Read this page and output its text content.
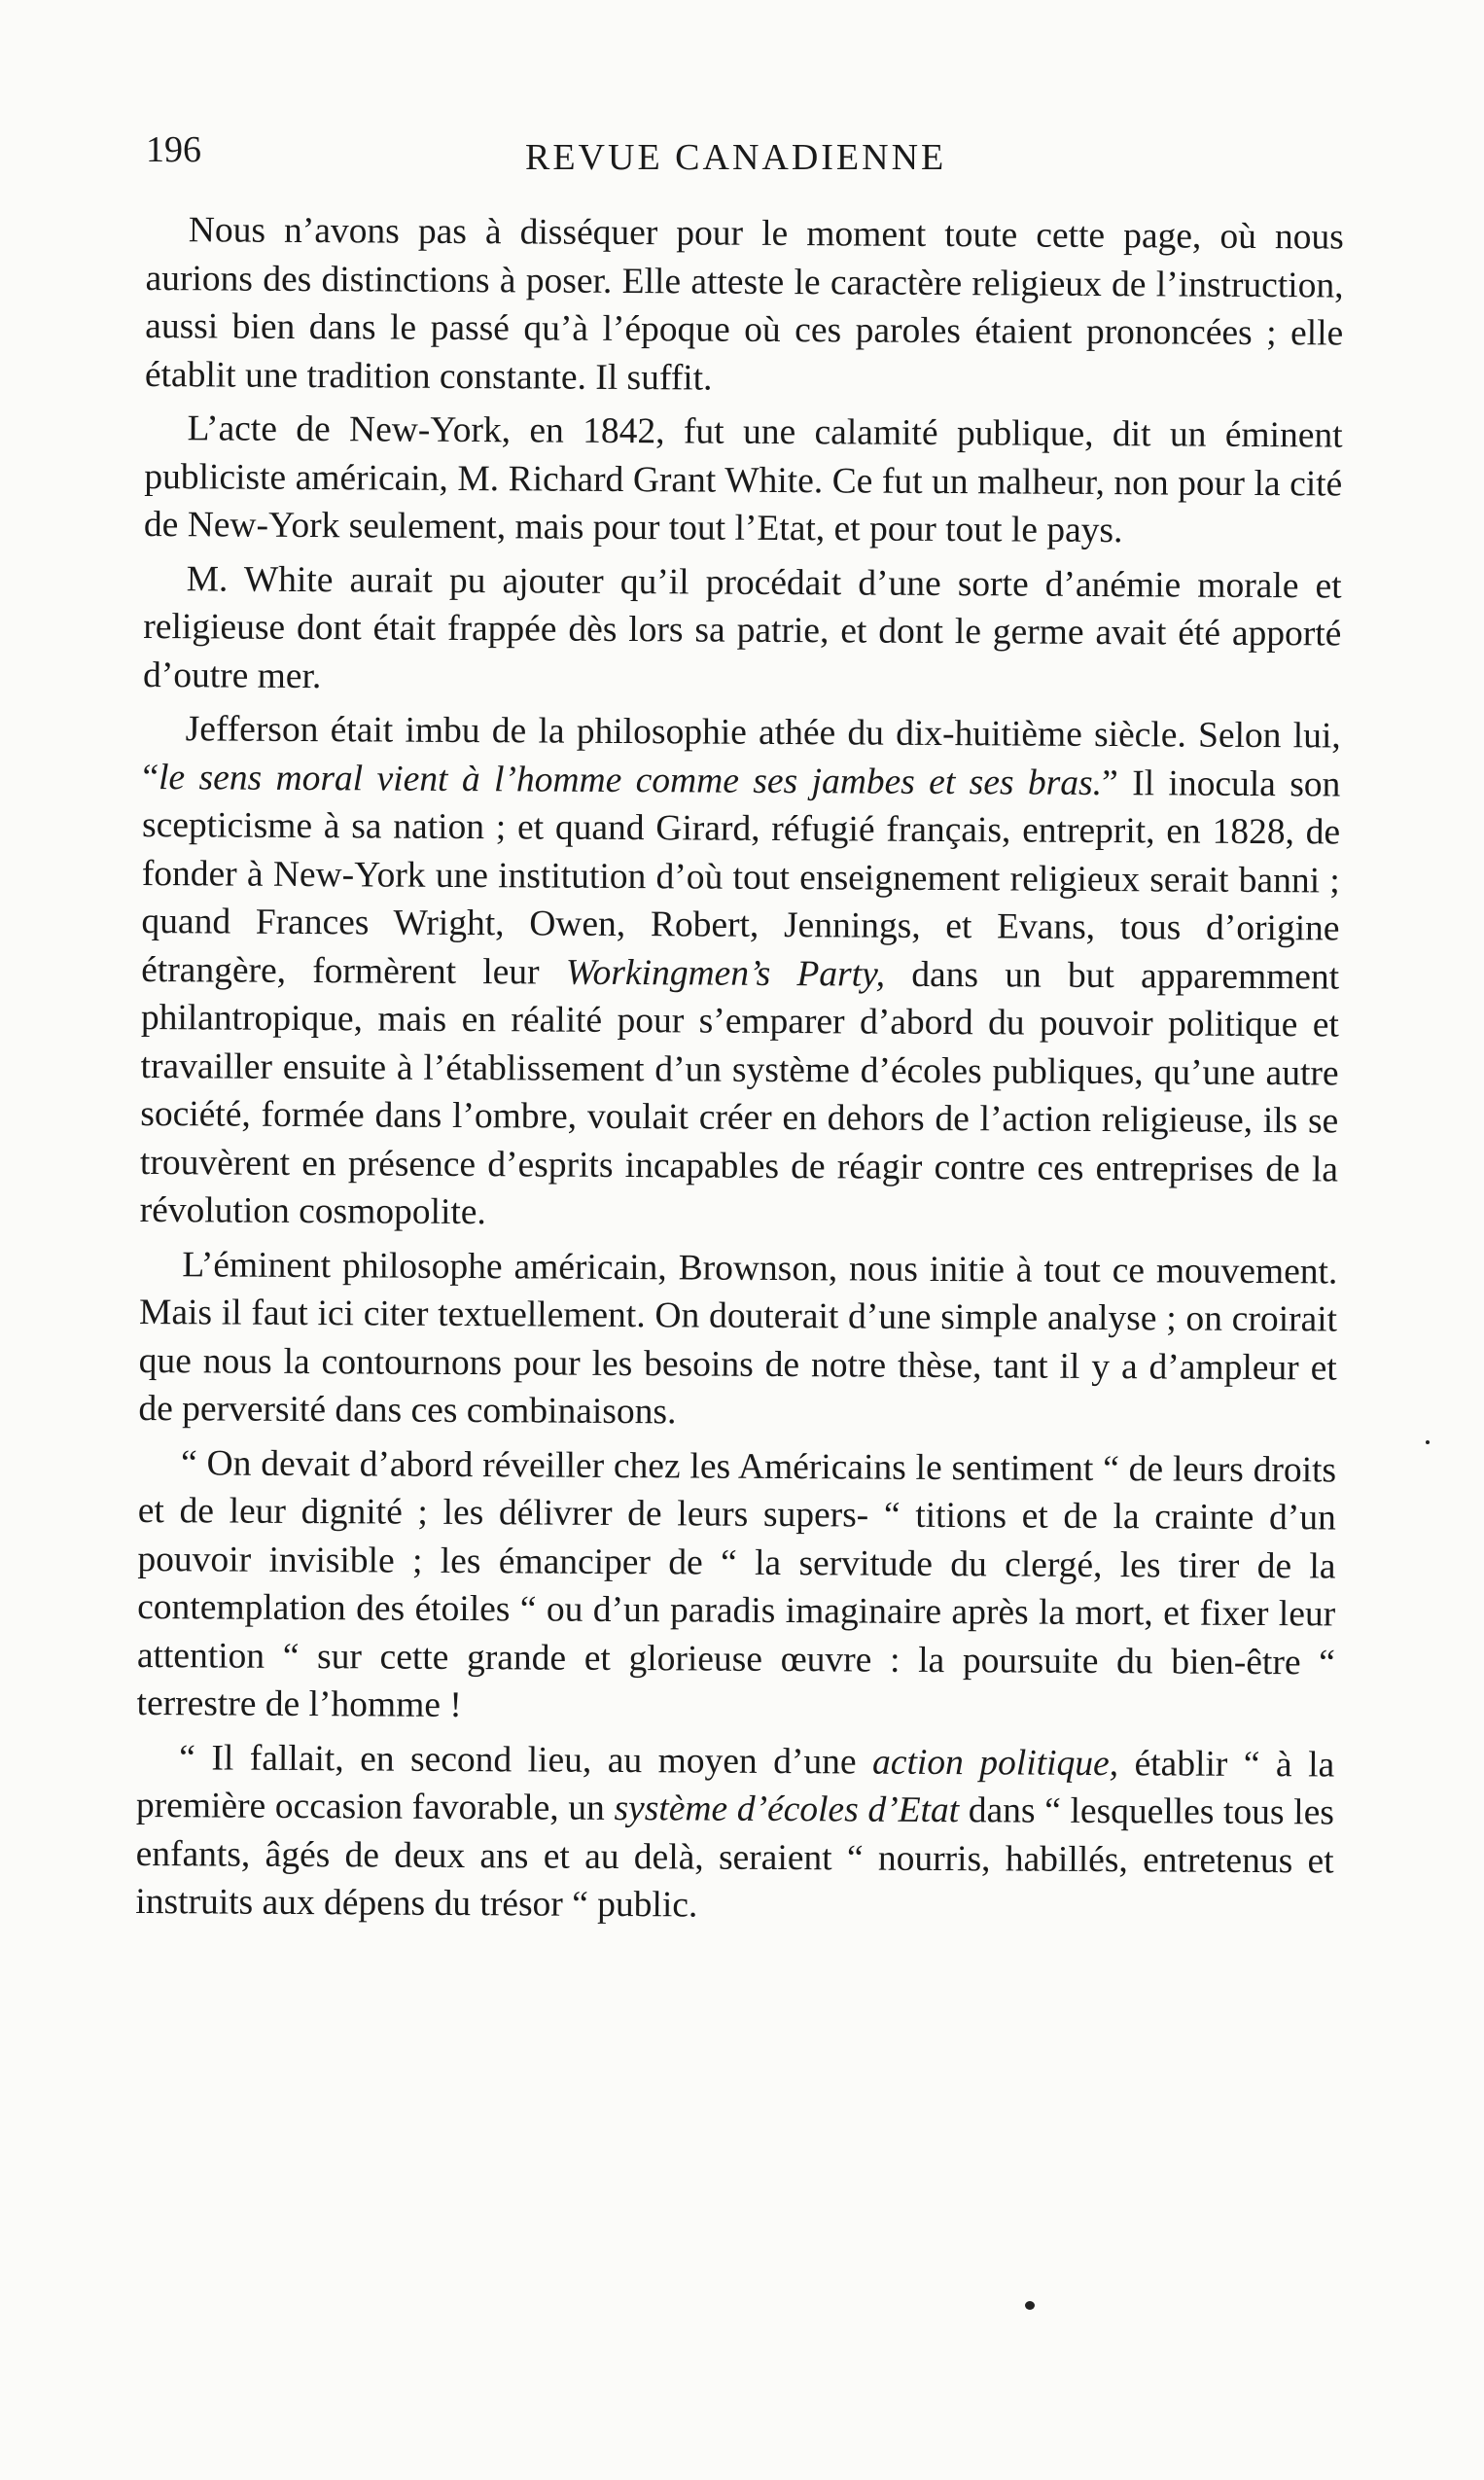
196	REVUE CANADIENNE

Nous n’avons pas à disséquer pour le moment toute cette page, où nous aurions des distinctions à poser. Elle atteste le caractère religieux de l’instruction, aussi bien dans le passé qu’à l’époque où ces paroles étaient prononcées ; elle établit une tradition constante. Il suffit.

L’acte de New-York, en 1842, fut une calamité publique, dit un éminent publiciste américain, M. Richard Grant White. Ce fut un malheur, non pour la cité de New-York seulement, mais pour tout l’Etat, et pour tout le pays.

M. White aurait pu ajouter qu’il procédait d’une sorte d’anémie morale et religieuse dont était frappée dès lors sa patrie, et dont le germe avait été apporté d’outre mer.

Jefferson était imbu de la philosophie athée du dix-huitième siècle. Selon lui, “le sens moral vient à l’homme comme ses jambes et ses bras.” Il inocula son scepticisme à sa nation ; et quand Girard, réfugié français, entreprit, en 1828, de fonder à New-York une institution d’où tout enseignement religieux serait banni ; quand Frances Wright, Owen, Robert, Jennings, et Evans, tous d’origine étrangère, formèrent leur Workingmen’s Party, dans un but apparemment philantropique, mais en réalité pour s’emparer d’abord du pouvoir politique et travailler ensuite à l’établissement d’un système d’écoles publiques, qu’une autre société, formée dans l’ombre, voulait créer en dehors de l’action religieuse, ils se trouvèrent en présence d’esprits incapables de réagir contre ces entreprises de la révolution cosmopolite.

L’éminent philosophe américain, Brownson, nous initie à tout ce mouvement. Mais il faut ici citer textuellement. On douterait d’une simple analyse ; on croirait que nous la contournons pour les besoins de notre thèse, tant il y a d’ampleur et de perversité dans ces combinaisons.

“ On devait d’abord réveiller chez les Américains le sentiment “ de leurs droits et de leur dignité ; les délivrer de leurs supers- “ titions et de la crainte d’un pouvoir invisible ; les émanciper de “ la servitude du clergé, les tirer de la contemplation des étoiles “ ou d’un paradis imaginaire après la mort, et fixer leur attention “ sur cette grande et glorieuse œuvre : la poursuite du bien-être “ terrestre de l’homme !

“ Il fallait, en second lieu, au moyen d’une action politique, établir “ à la première occasion favorable, un système d’écoles d’Etat dans “ lesquelles tous les enfants, âgés de deux ans et au delà, seraient “ nourris, habillés, entretenus et instruits aux dépens du trésor “ public.
